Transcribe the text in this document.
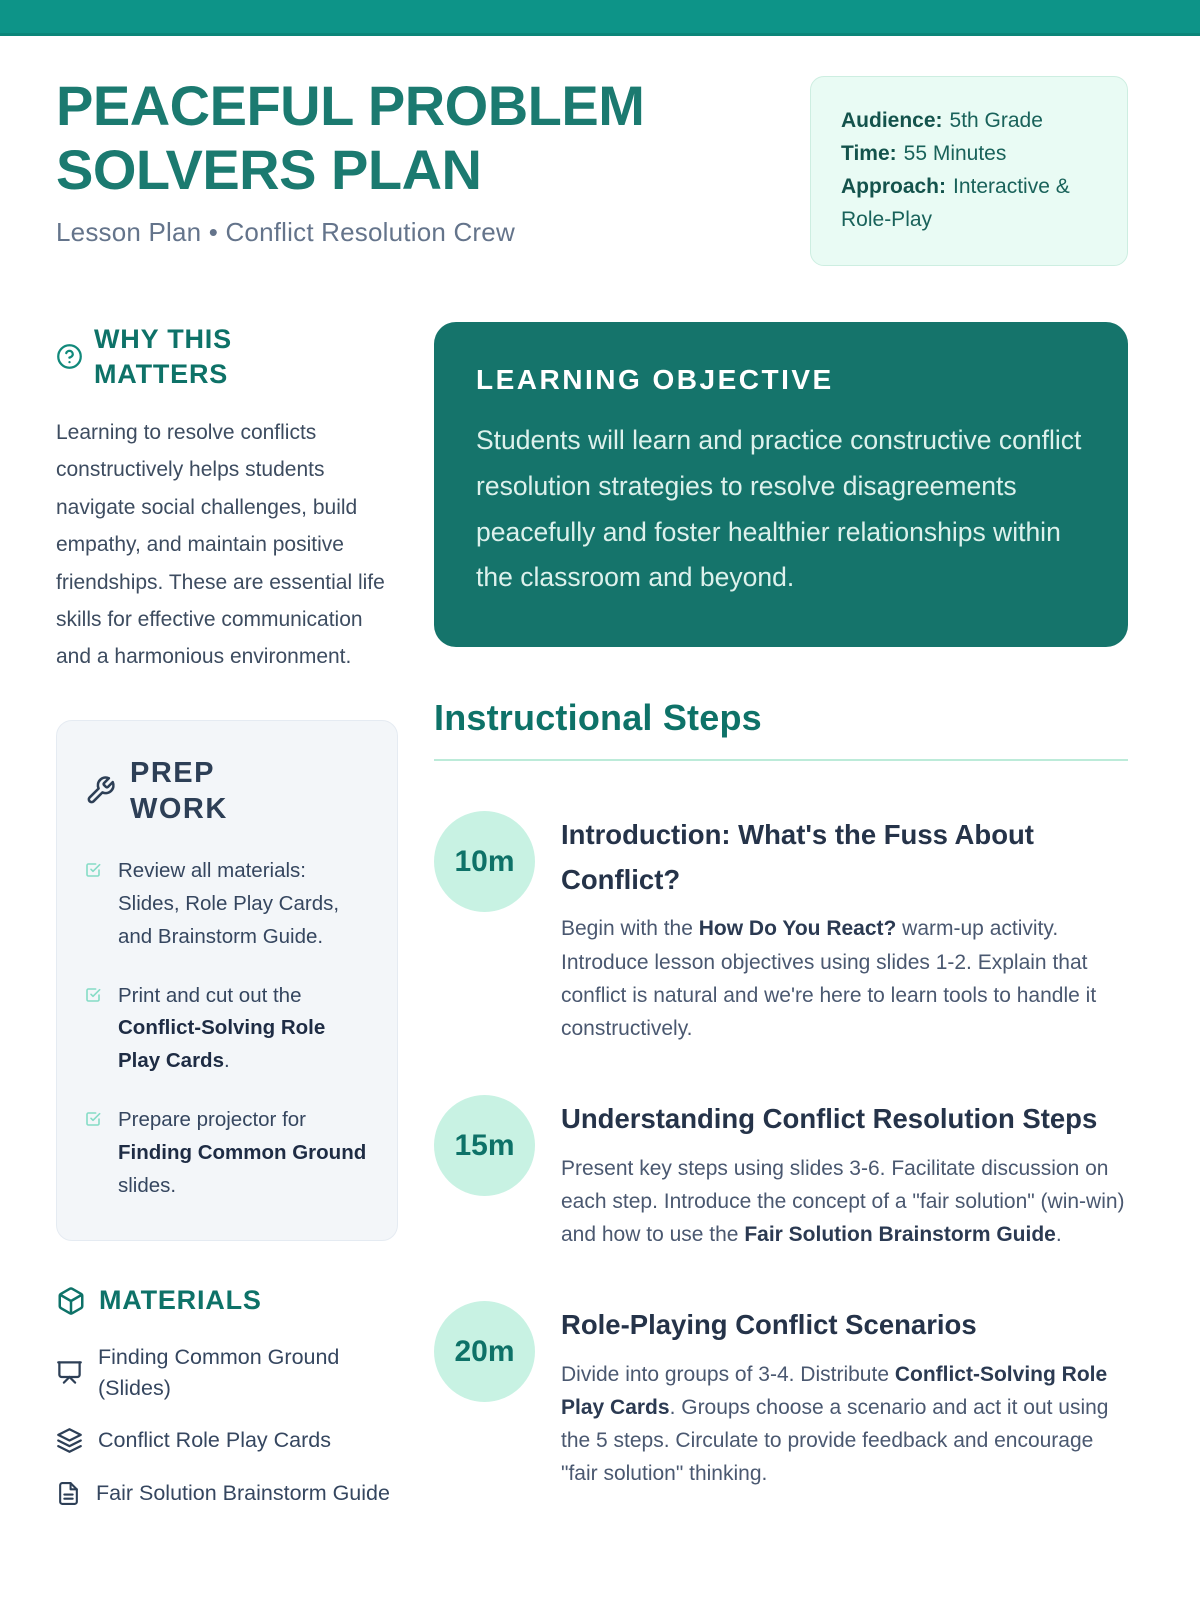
PEACEFUL PROBLEM SOLVERS PLAN

Lesson Plan • Conflict Resolution Crew

Audience: 5th Grade
Time: 55 Minutes
Approach: Interactive & Role-Play
WHY THIS MATTERS

Learning to resolve conflicts constructively helps students navigate social challenges, build empathy, and maintain positive friendships. These are essential life skills for effective communication and a harmonious environment.

PREP WORK
Review all materials: Slides, Role Play Cards, and Brainstorm Guide.
Print and cut out the Conflict-Solving Role Play Cards.
Prepare projector for Finding Common Ground slides.
MATERIALS
Finding Common Ground (Slides)
Conflict Role Play Cards
Fair Solution Brainstorm Guide
LEARNING OBJECTIVE

Students will learn and practice constructive conflict resolution strategies to resolve disagreements peacefully and foster healthier relationships within the classroom and beyond.

Instructional Steps
10m
Introduction: What's the Fuss About Conflict?

Begin with the How Do You React? warm-up activity. Introduce lesson objectives using slides 1-2. Explain that conflict is natural and we're here to learn tools to handle it constructively.

15m
Understanding Conflict Resolution Steps

Present key steps using slides 3-6. Facilitate discussion on each step. Introduce the concept of a "fair solution" (win-win) and how to use the Fair Solution Brainstorm Guide.

20m
Role-Playing Conflict Scenarios

Divide into groups of 3-4. Distribute Conflict-Solving Role Play Cards. Groups choose a scenario and act it out using the 5 steps. Circulate to provide feedback and encourage "fair solution" thinking.
